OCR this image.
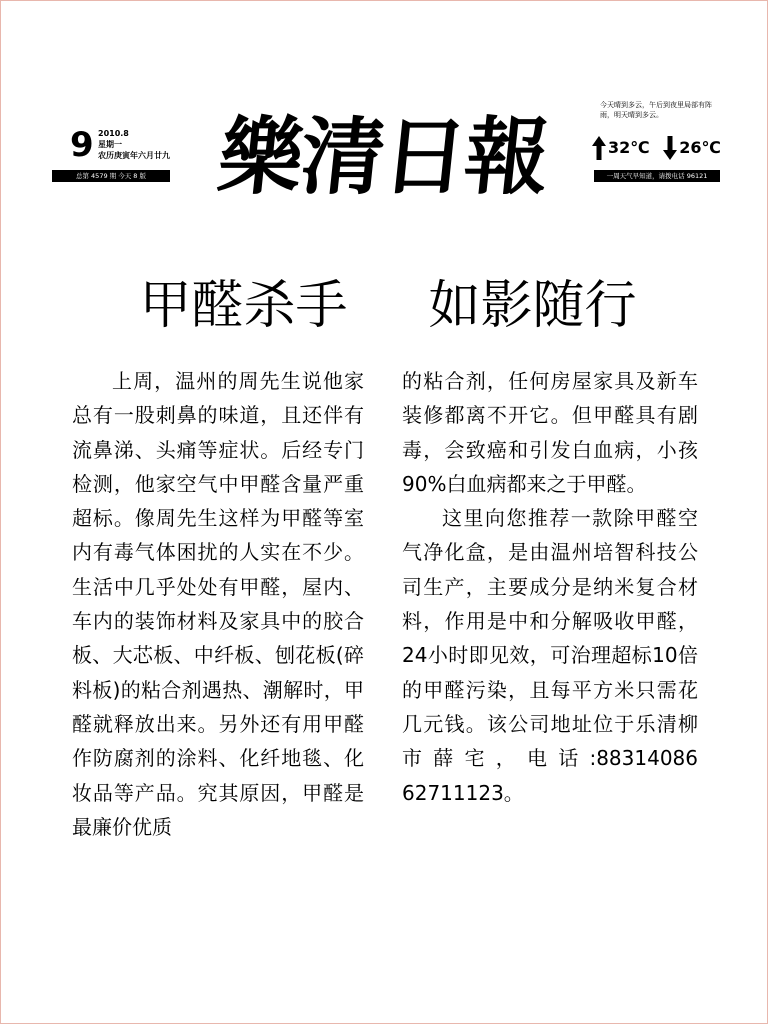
9 2010.8
星期一
农历庚寅年六月廿九
总第 4579 期 今天 8 版 樂清日報
今天晴到多云，午后到夜里局部有阵雨，明天晴到多云。
32℃
26℃
一周天气早知道，请拨电话 96121
甲醛杀手 如影随行

上周，温州的周先生说他家总有一股刺鼻的味道，且还伴有流鼻涕、头痛等症状。后经专门检测，他家空气中甲醛含量严重超标。像周先生这样为甲醛等室内有毒气体困扰的人实在不少。生活中几乎处处有甲醛，屋内、车内的装饰材料及家具中的胶合板、大芯板、中纤板、刨花板(碎料板)的粘合剂遇热、潮解时，甲醛就释放出来。另外还有用甲醛作防腐剂的涂料、化纤地毯、化妆品等产品。究其原因，甲醛是最廉价优质

的粘合剂，任何房屋家具及新车装修都离不开它。但甲醛具有剧毒，会致癌和引发白血病，小孩90%白血病都来之于甲醛。

这里向您推荐一款除甲醛空气净化盒，是由温州培智科技公司生产，主要成分是纳米复合材料，作用是中和分解吸收甲醛，24小时即见效，可治理超标10倍的甲醛污染，且每平方米只需花几元钱。该公司地址位于乐清柳市薛宅，电话:88314086 62711123。
